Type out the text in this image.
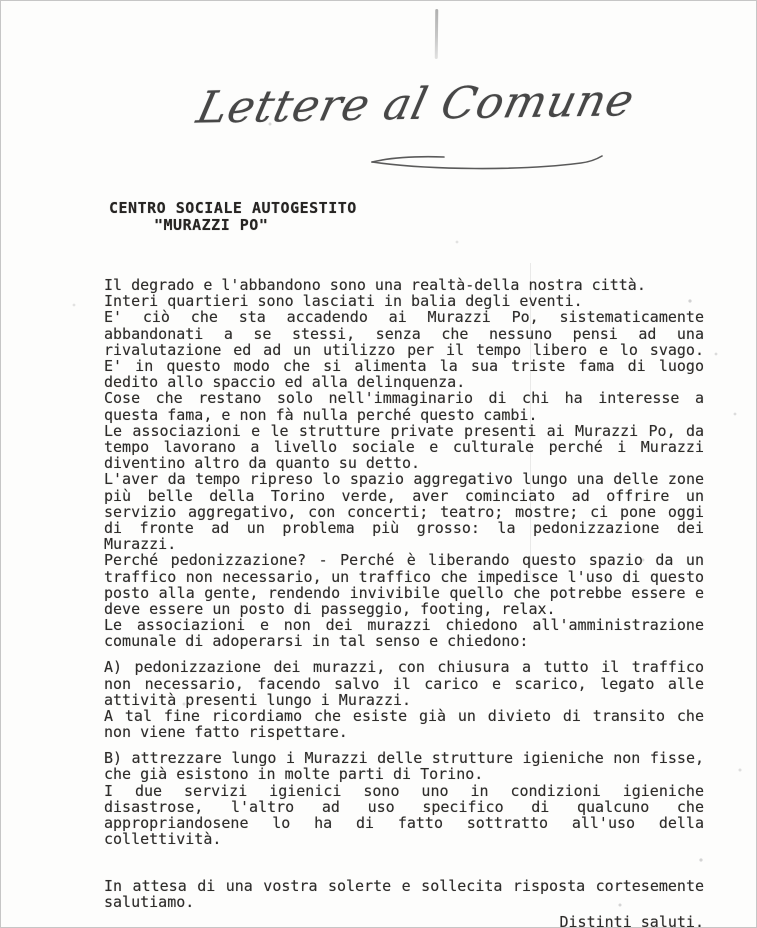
Lettere al Comune
CENTRO SOCIALE AUTOGESTITO
"MURAZZI PO"
Il degrado e l'abbandono sono una realtà-della nostra città.
Interi quartieri sono lasciati in balia degli eventi.
E' ciò che sta accadendo ai Murazzi Po, sistematicamente
abbandonati a se stessi, senza che nessuno pensi ad una
rivalutazione ed ad un utilizzo per il tempo libero e lo svago.
E' in questo modo che si alimenta la sua triste fama di luogo
dedito allo spaccio ed alla delinquenza.
Cose che restano solo nell'immaginario di chi ha interesse a
questa fama, e non fà nulla perché questo cambi.
Le associazioni e le strutture private presenti ai Murazzi Po, da
tempo lavorano a livello sociale e culturale perché i Murazzi
diventino altro da quanto su detto.
L'aver da tempo ripreso lo spazio aggregativo lungo una delle zone
più belle della Torino verde, aver cominciato ad offrire un
servizio aggregativo, con concerti; teatro; mostre; ci pone oggi
di fronte ad un problema più grosso: la pedonizzazione dei
Murazzi.
Perché pedonizzazione? - Perché è liberando questo spazio da un
traffico non necessario, un traffico che impedisce l'uso di questo
posto alla gente, rendendo invivibile quello che potrebbe essere e
deve essere un posto di passeggio, footing, relax.
Le associazioni e non dei murazzi chiedono all'amministrazione
comunale di adoperarsi in tal senso e chiedono:
A) pedonizzazione dei murazzi, con chiusura a tutto il traffico
non necessario, facendo salvo il carico e scarico, legato alle
attività presenti lungo i Murazzi.
A tal fine ricordiamo che esiste già un divieto di transito che
non viene fatto rispettare.
B) attrezzare lungo i Murazzi delle strutture igieniche non fisse,
che già esistono in molte parti di Torino.
I due servizi igienici sono uno in condizioni igieniche
disastrose, l'altro ad uso specifico di qualcuno che
appropriandosene lo ha di fatto sottratto all'uso della
collettività.
In attesa di una vostra solerte e sollecita risposta cortesemente
salutiamo.
Distinti saluti.
